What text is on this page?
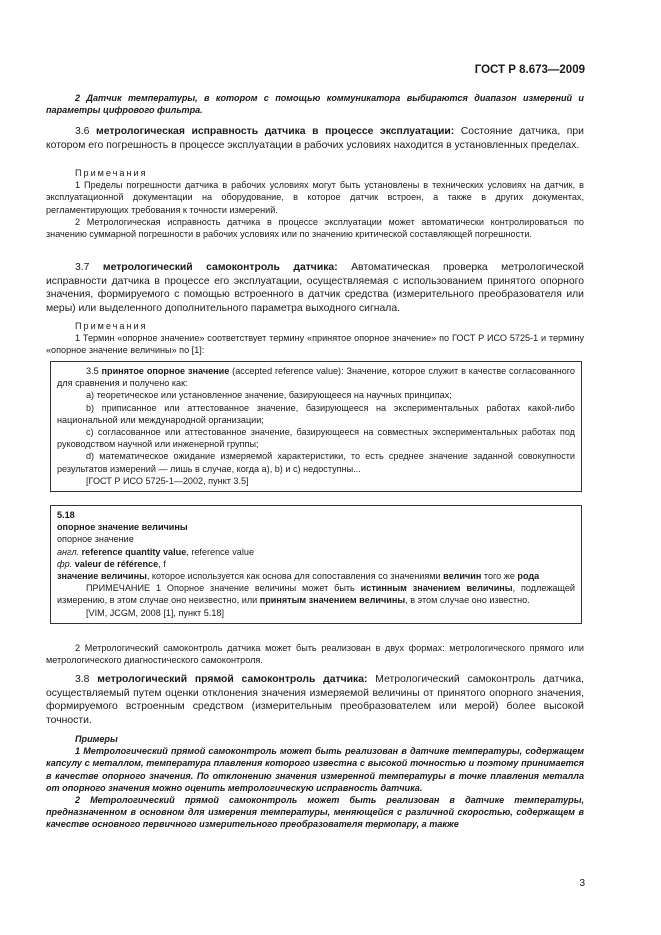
ГОСТ Р 8.673—2009

2 Датчик температуры, в котором с помощью коммуникатора выбираются диапазон измерений и параметры цифрового фильтра.

3.6 метрологическая исправность датчика в процессе эксплуатации: Состояние датчика, при котором его погрешность в процессе эксплуатации в рабочих условиях находится в установленных пределах.

Примечания

1 Пределы погрешности датчика в рабочих условиях могут быть установлены в технических условиях на датчик, в эксплуатационной документации на оборудование, в которое датчик встроен, а также в других документах, регламентирующих требования к точности измерений.

2 Метрологическая исправность датчика в процессе эксплуатации может автоматически контролироваться по значению суммарной погрешности в рабочих условиях или по значению критической составляющей погрешности.

3.7 метрологический самоконтроль датчика: Автоматическая проверка метрологической исправности датчика в процессе его эксплуатации, осуществляемая с использованием принятого опорного значения, формируемого с помощью встроенного в датчик средства (измерительного преобразователя или меры) или выделенного дополнительного параметра выходного сигнала.

Примечания

1 Термин «опорное значение» соответствует термину «принятое опорное значение» по ГОСТ Р ИСО 5725-1 и термину «опорное значение величины» по [1]:

3.5 принятое опорное значение (accepted reference value): Значение, которое служит в качестве согласованного для сравнения и получено как:

а) теоретическое или установленное значение, базирующееся на научных принципах;

b) приписанное или аттестованное значение, базирующееся на экспериментальных работах какой-либо национальной или международной организации;

c) согласованное или аттестованное значение, базирующееся на совместных экспериментальных работах под руководством научной или инженерной группы;

d) математическое ожидание измеряемой характеристики, то есть среднее значение заданной совокупности результатов измерений — лишь в случае, когда а), b) и c) недоступны...

[ГОСТ Р ИСО 5725-1—2002, пункт 3.5]

5.18

опорное значение величины

опорное значение

англ. reference quantity value, reference value

фр. valeur de référence, f

значение величины, которое используется как основа для сопоставления со значениями величин того же рода

ПРИМЕЧАНИЕ 1 Опорное значение величины может быть истинным значением величины, подлежащей измерению, в этом случае оно неизвестно, или принятым значением величины, в этом случае оно известно.

[VIM, JCGM, 2008 [1], пункт 5.18]

2 Метрологический самоконтроль датчика может быть реализован в двух формах: метрологического прямого или метрологического диагностического самоконтроля.

3.8 метрологический прямой самоконтроль датчика: Метрологический самоконтроль датчика, осуществляемый путем оценки отклонения значения измеряемой величины от принятого опорного значения, формируемого встроенным средством (измерительным преобразователем или мерой) более высокой точности.

Примеры

1 Метрологический прямой самоконтроль может быть реализован в датчике температуры, содержащем капсулу с металлом, температура плавления которого известна с высокой точностью и поэтому принимается в качестве опорного значения. По отклонению значения измеренной температуры в точке плавления металла от опорного значения можно оценить метрологическую исправность датчика.

2 Метрологический прямой самоконтроль может быть реализован в датчике температуры, предназначенном в основном для измерения температуры, меняющейся с различной скоростью, содержащем в качестве основного первичного измерительного преобразователя термопару, а также

3
